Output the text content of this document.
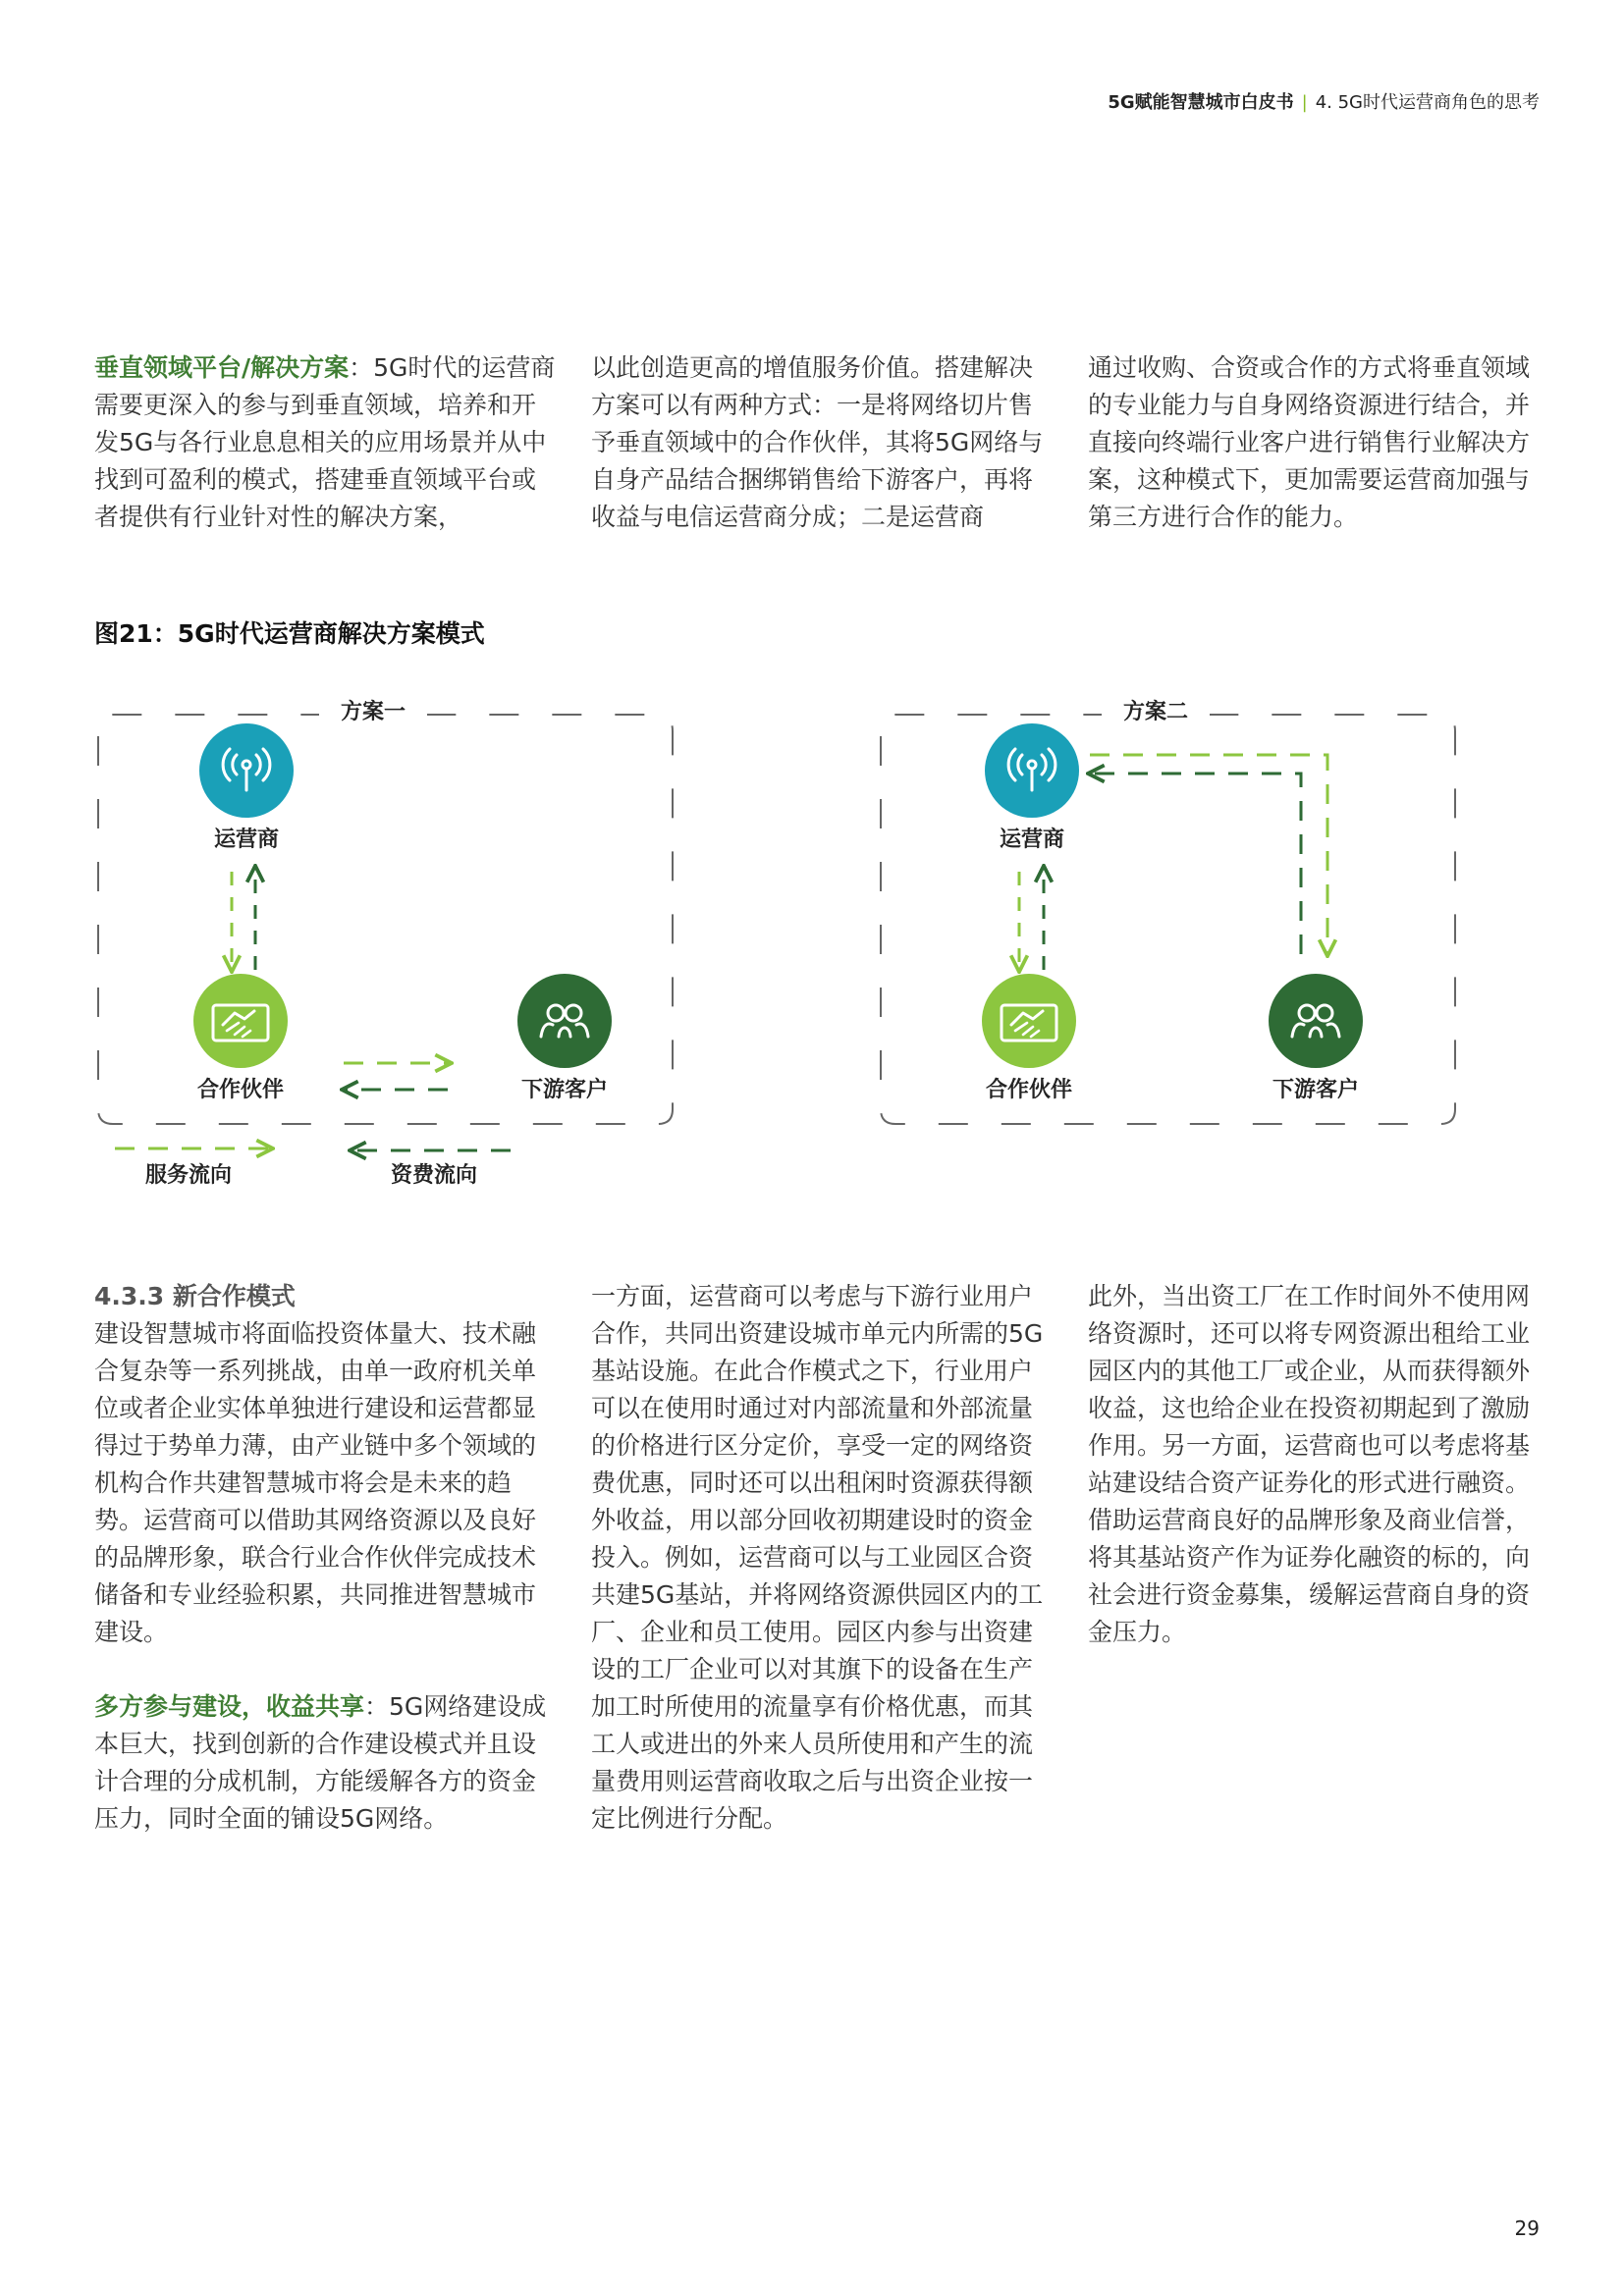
5G赋能智慧城市白皮书 | 4. 5G时代运营商角色的思考

垂直领域平台/解决方案：5G时代的运营商需要更深入的参与到垂直领域，培养和开发5G与各行业息息相关的应用场景并从中找到可盈利的模式，搭建垂直领域平台或者提供有行业针对性的解决方案，

以此创造更高的增值服务价值。搭建解决方案可以有两种方式：一是将网络切片售予垂直领域中的合作伙伴，其将5G网络与自身产品结合捆绑销售给下游客户，再将收益与电信运营商分成；二是运营商

通过收购、合资或合作的方式将垂直领域的专业能力与自身网络资源进行结合，并直接向终端行业客户进行销售行业解决方案，这种模式下，更加需要运营商加强与第三方进行合作的能力。

图21：5G时代运营商解决方案模式
方案一
运营商
合作伙伴	下游客户
方案二
运营商
合作伙伴	下游客户
服务流向	资费流向

4.3.3 新合作模式

建设智慧城市将面临投资体量大、技术融合复杂等一系列挑战，由单一政府机关单位或者企业实体单独进行建设和运营都显得过于势单力薄，由产业链中多个领域的机构合作共建智慧城市将会是未来的趋势。运营商可以借助其网络资源以及良好的品牌形象，联合行业合作伙伴完成技术储备和专业经验积累，共同推进智慧城市建设。

多方参与建设，收益共享：5G网络建设成本巨大，找到创新的合作建设模式并且设计合理的分成机制，方能缓解各方的资金压力，同时全面的铺设5G网络。

一方面，运营商可以考虑与下游行业用户合作，共同出资建设城市单元内所需的5G基站设施。在此合作模式之下，行业用户可以在使用时通过对内部流量和外部流量的价格进行区分定价，享受一定的网络资费优惠，同时还可以出租闲时资源获得额外收益，用以部分回收初期建设时的资金投入。例如，运营商可以与工业园区合资共建5G基站，并将网络资源供园区内的工厂、企业和员工使用。园区内参与出资建设的工厂企业可以对其旗下的设备在生产加工时所使用的流量享有价格优惠，而其工人或进出的外来人员所使用和产生的流量费用则运营商收取之后与出资企业按一定比例进行分配。

此外，当出资工厂在工作时间外不使用网络资源时，还可以将专网资源出租给工业园区内的其他工厂或企业，从而获得额外收益，这也给企业在投资初期起到了激励作用。另一方面，运营商也可以考虑将基站建设结合资产证券化的形式进行融资。借助运营商良好的品牌形象及商业信誉，将其基站资产作为证券化融资的标的，向社会进行资金募集，缓解运营商自身的资金压力。

29
